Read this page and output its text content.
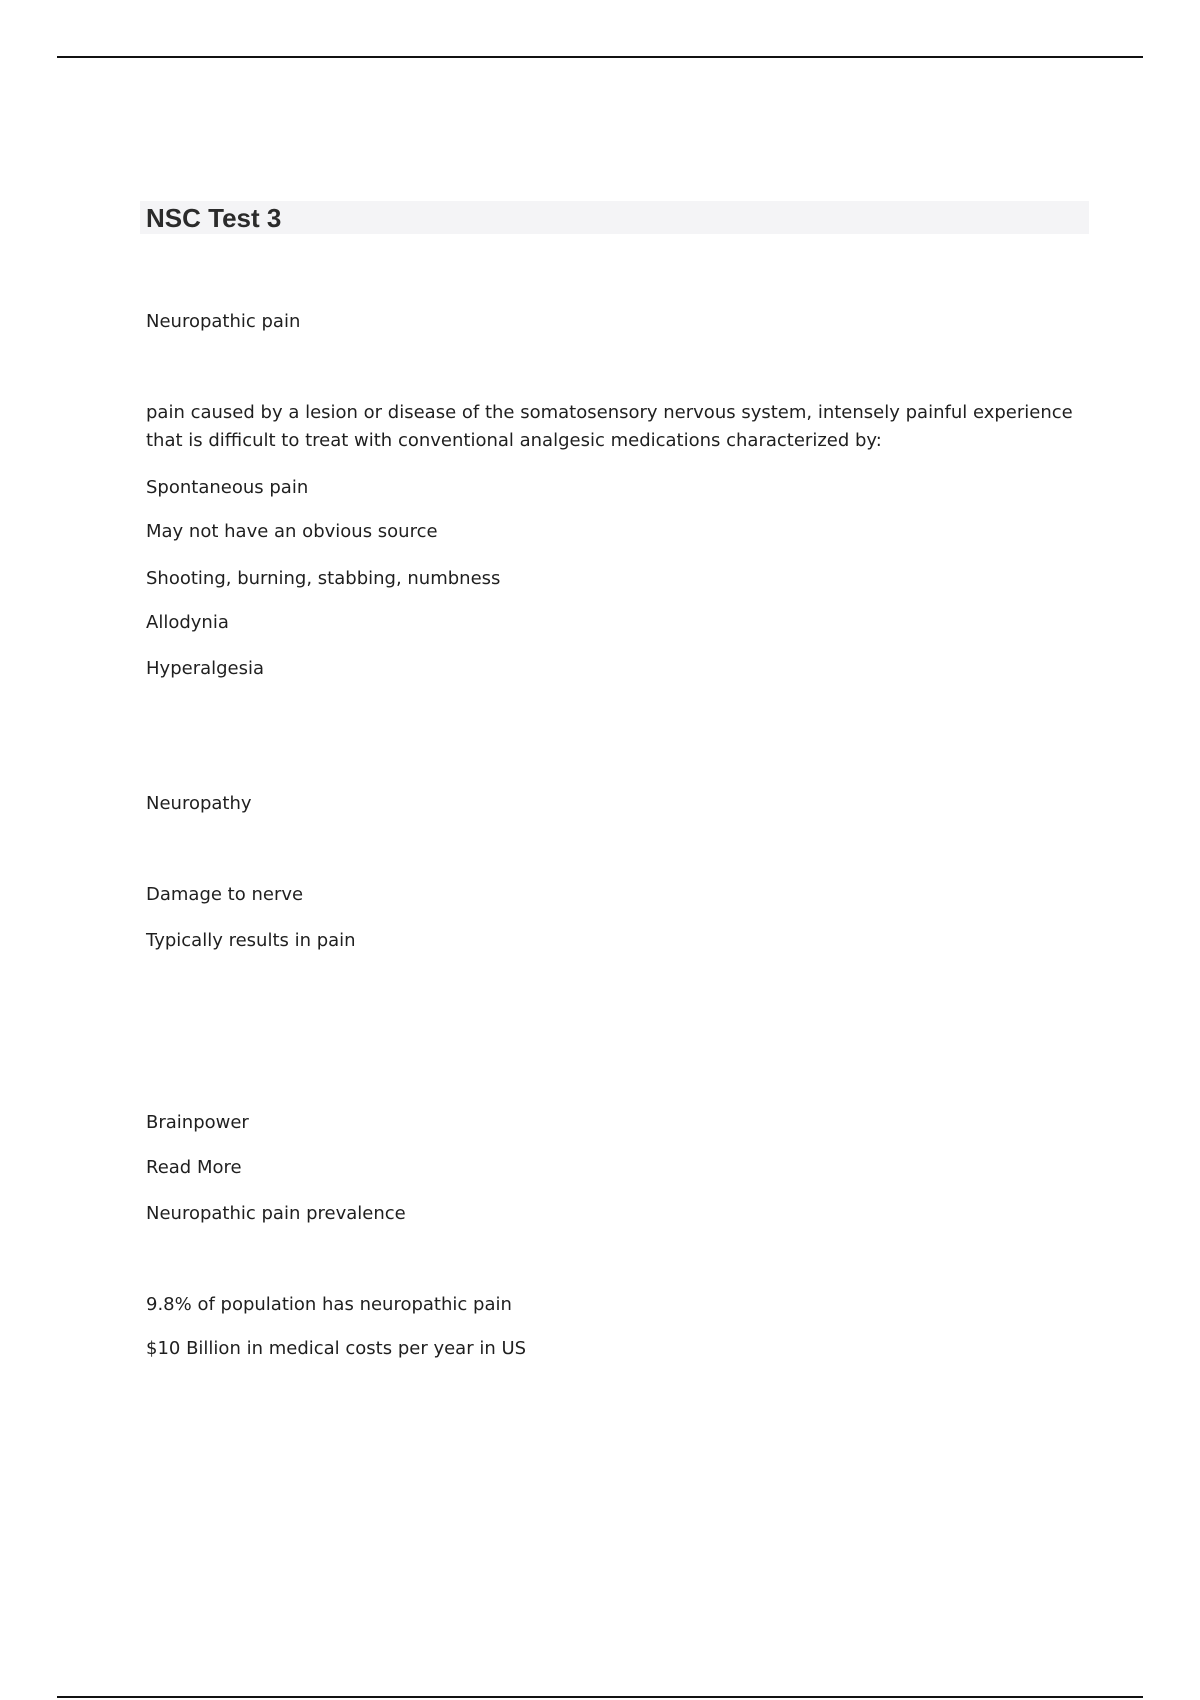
NSC Test 3

Neuropathic pain

pain caused by a lesion or disease of the somatosensory nervous system, intensely painful experience that is difficult to treat with conventional analgesic medications characterized by:

Spontaneous pain

May not have an obvious source

Shooting, burning, stabbing, numbness

Allodynia

Hyperalgesia

Neuropathy

Damage to nerve

Typically results in pain

Brainpower

Read More

Neuropathic pain prevalence

9.8% of population has neuropathic pain

$10 Billion in medical costs per year in US
